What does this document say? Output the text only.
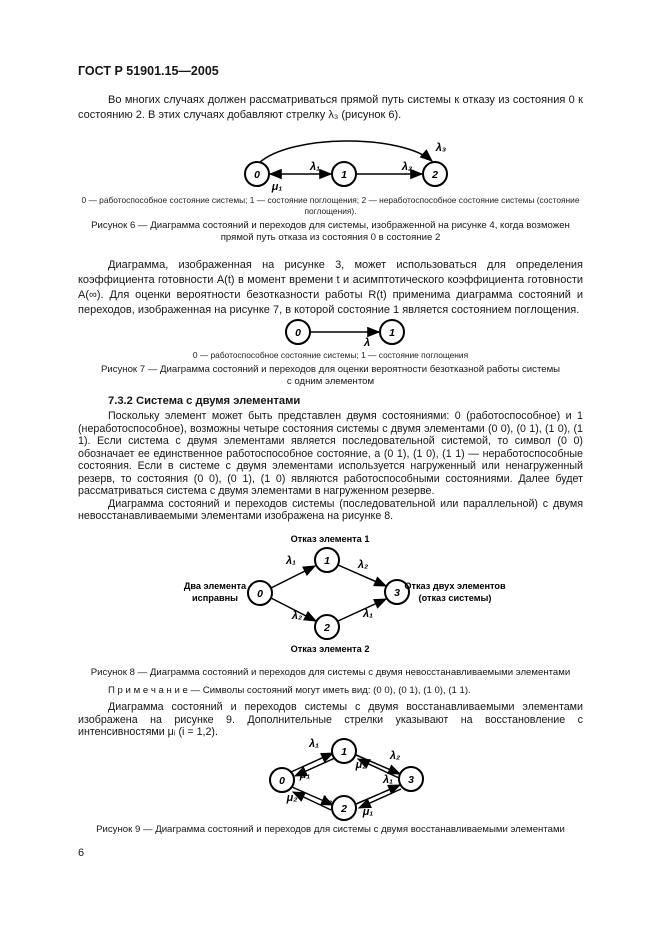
ГОСТ Р 51901.15—2005
Во многих случаях должен рассматриваться прямой путь системы к отказу из состояния 0 к состоянию 2. В этих случаях добавляют стрелку λ₃ (рисунок 6).
0	1	2
λ₁	λ₂
λ₃
μ₁
0 — работоспособное состояние системы; 1 — состояние поглощения; 2 — неработоспособное состояние системы (состояние поглощения).
Рисунок 6 — Диаграмма состояний и переходов для системы, изображенной на рисунке 4, когда возможен прямой путь отказа из состояния 0 в состояние 2
Диаграмма, изображенная на рисунке 3, может использоваться для определения коэффициента готовности A(t) в момент времени t и асимптотического коэффициента готовности A(∞). Для оценки вероятности безотказности работы R(t) применима диаграмма состояний и переходов, изображенная на рисунке 7, в которой состояние 1 является состоянием поглощения.
0	1
λ
0 — работоспособное состояние системы; 1 — состояние поглощения
Рисунок 7 — Диаграмма состояний и переходов для оценки вероятности безотказной работы системы
с одним элементом
7.3.2 Система с двумя элементами

Поскольку элемент может быть представлен двумя состояниями: 0 (работоспособное) и 1 (неработоспособное), возможны четыре состояния системы с двумя элементами (0 0), (0 1), (1 0), (1 1). Если система с двумя элементами является последовательной системой, то символ (0 0) обозначает ее единственное работоспособное состояние, а (0 1), (1 0), (1 1) — неработоспособные состояния. Если в системе с двумя элементами используется нагруженный или ненагруженный резерв, то состояния (0 0), (0 1), (1 0) являются работоспособными состояниями. Далее будет рассматриваться система с двумя элементами в нагруженном резерве.

Диаграмма состояний и переходов системы (последовательной или параллельной) с двумя невосстанавливаемыми элементами изображена на рисунке 8.

0
1
3
2
λ₁	λ₂
λ₂	λ₁
Отказ элемента 1
Два элемента
исправны
Отказ двух элементов
(отказ системы)
Отказ элемента 2
Рисунок 8 — Диаграмма состояний и переходов для системы с двумя невосстанавливаемыми элементами
П р и м е ч а н и е — Символы состояний могут иметь вид: (0 0), (0 1), (1 0), (1 1).

Диаграмма состояний и переходов системы с двумя восстанавливаемыми элементами изображена на рисунке 9. Дополнительные стрелки указывают на восстановление с интенсивностями μᵢ (i = 1,2).

0
1
3
2
λ₁
μ₁
μ₂
λ₂
λ₁
μ₂ λ₂
μ₁
Рисунок 9 — Диаграмма состояний и переходов для системы с двумя восстанавливаемыми элементами
6
